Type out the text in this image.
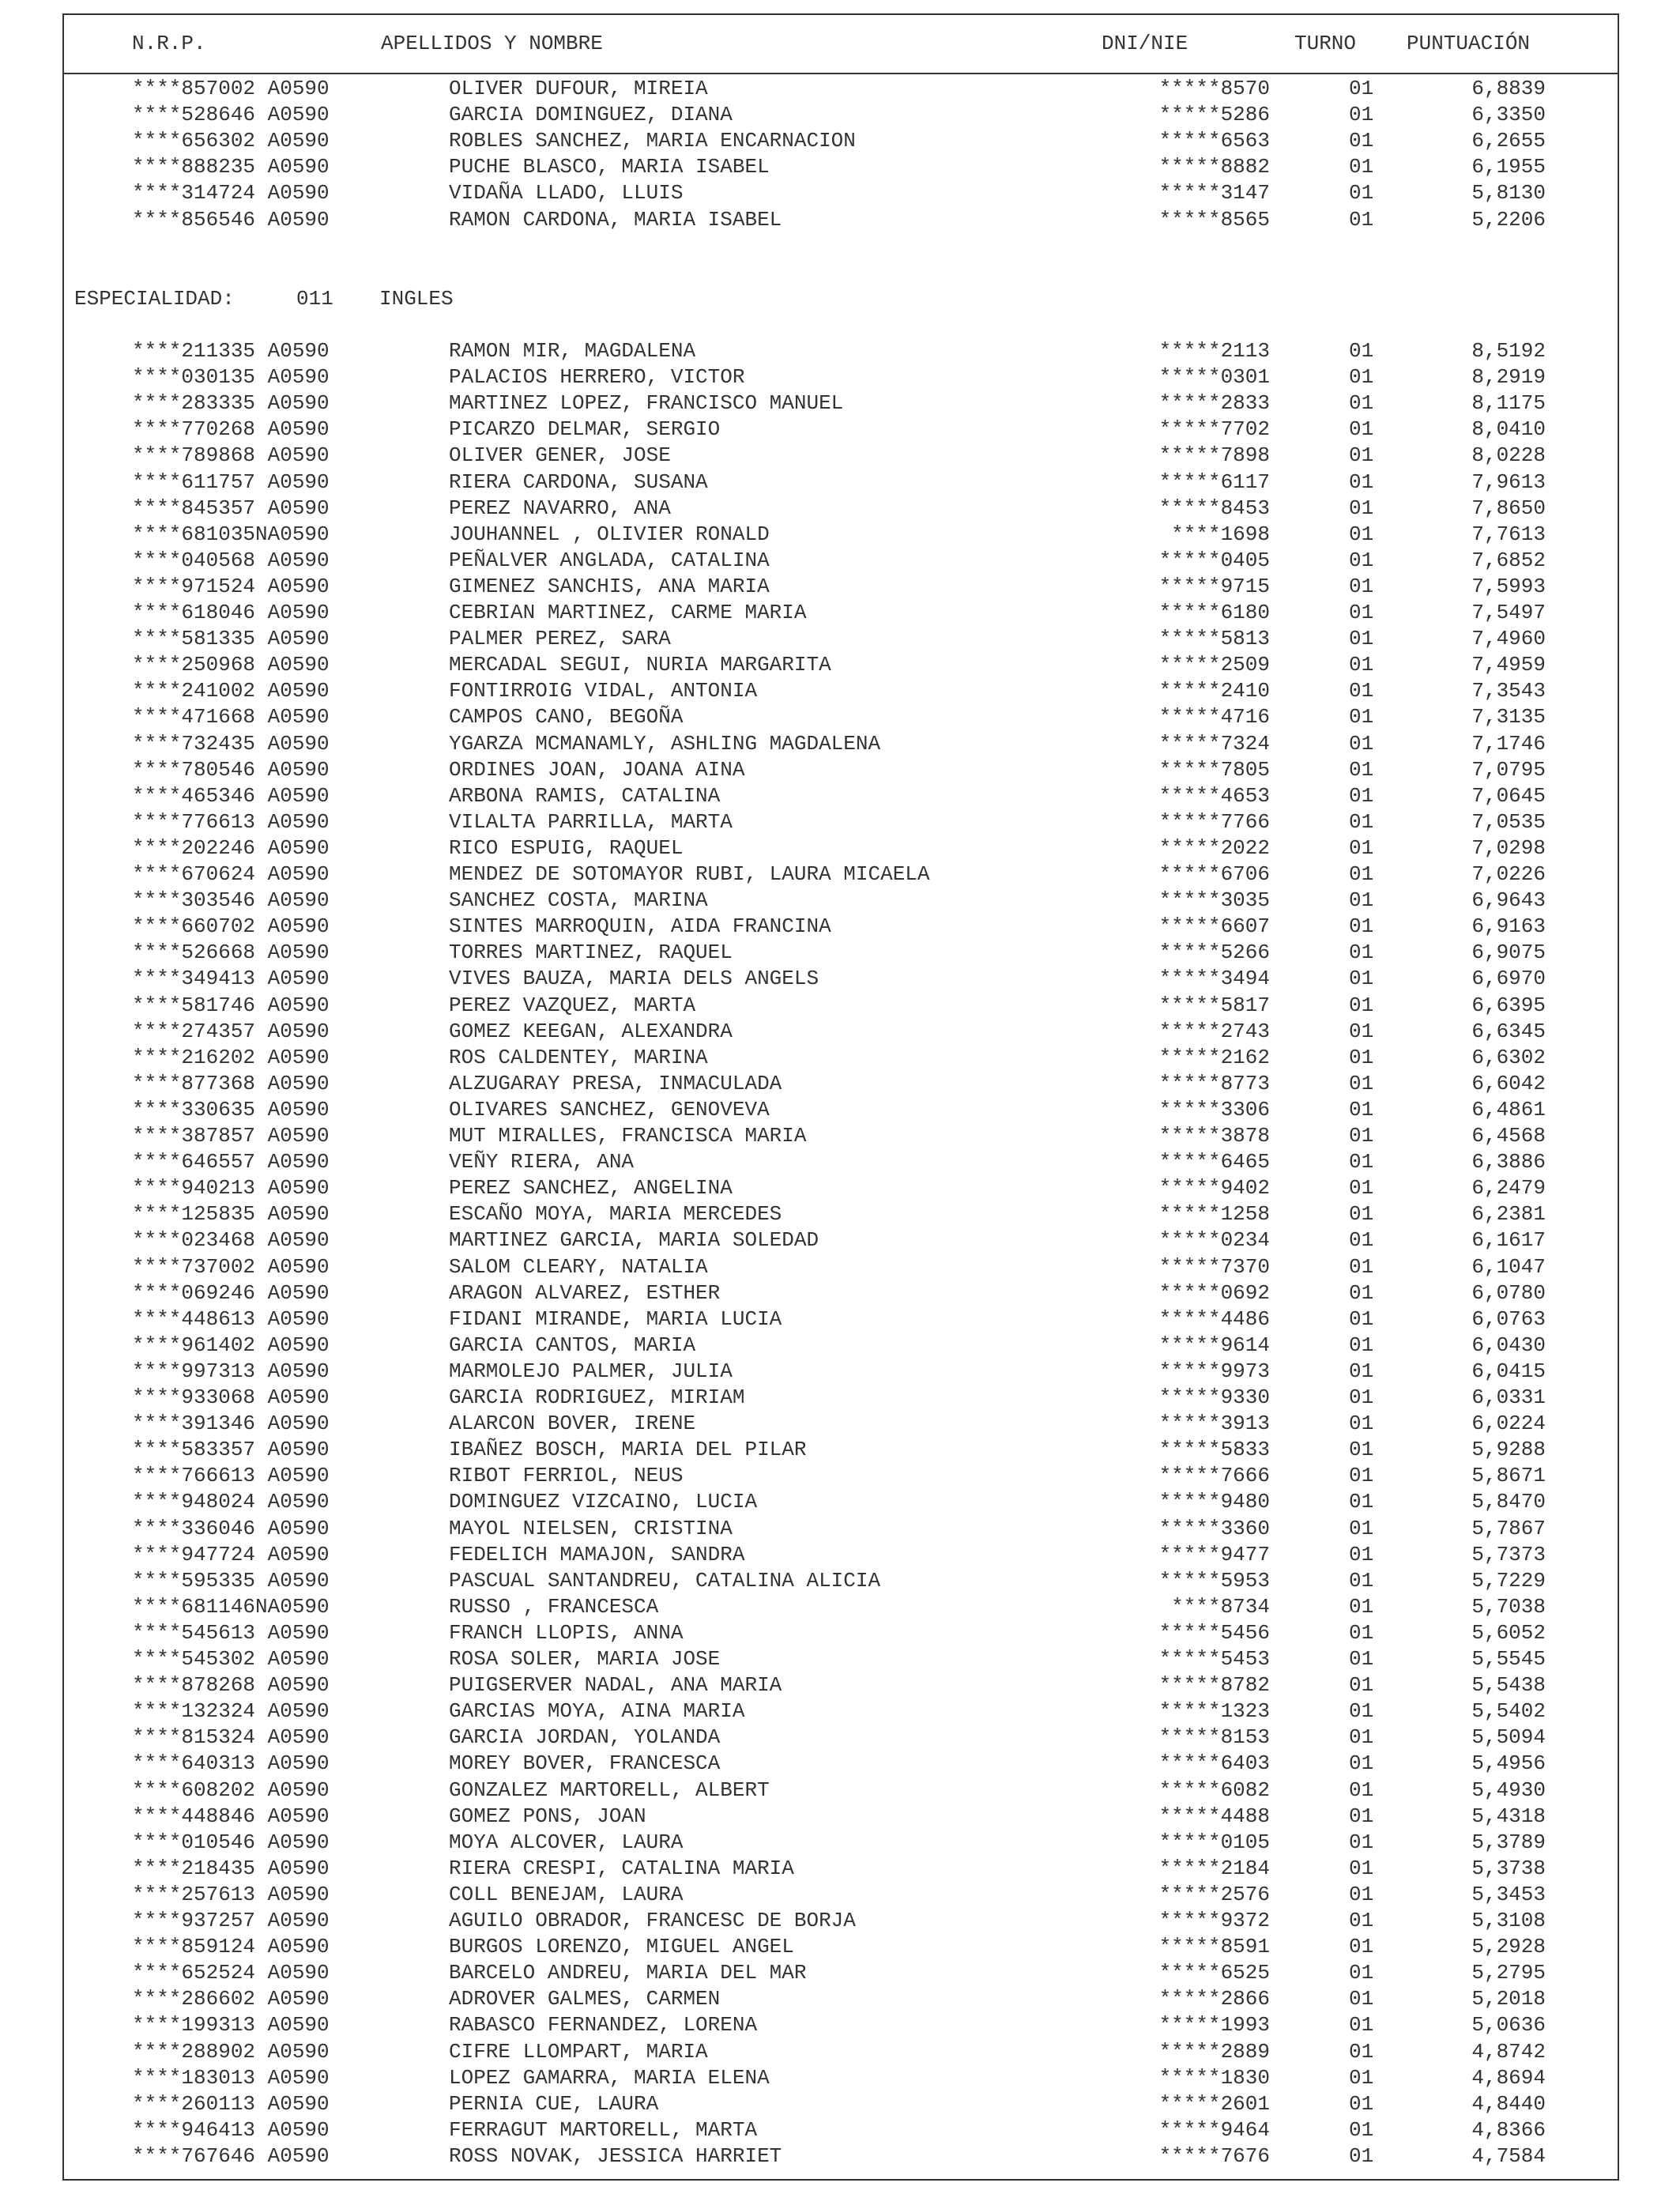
N.R.P.	APELLIDOS Y NOMBRE	DNI/NIE	TURNO PUNTUACIÓN
****857002 A0590	OLIVER DUFOUR, MIREIA	*****8570	01	6,8839
****528646 A0590	GARCIA DOMINGUEZ, DIANA	*****5286	01	6,3350
****656302 A0590	ROBLES SANCHEZ, MARIA ENCARNACION	*****6563	01	6,2655
****888235 A0590	PUCHE BLASCO, MARIA ISABEL	*****8882	01	6,1955
****314724 A0590	VIDAÑA LLADO, LLUIS	*****3147	01	5,8130
****856546 A0590	RAMON CARDONA, MARIA ISABEL	*****8565	01	5,2206
ESPECIALIDAD:	011 INGLES
****211335 A0590	RAMON MIR, MAGDALENA	*****2113	01	8,5192
****030135 A0590	PALACIOS HERRERO, VICTOR	*****0301	01	8,2919
****283335 A0590	MARTINEZ LOPEZ, FRANCISCO MANUEL	*****2833	01	8,1175
****770268 A0590	PICARZO DELMAR, SERGIO	*****7702	01	8,0410
****789868 A0590	OLIVER GENER, JOSE	*****7898	01	8,0228
****611757 A0590	RIERA CARDONA, SUSANA	*****6117	01	7,9613
****845357 A0590	PEREZ NAVARRO, ANA	*****8453	01	7,8650
****681035NA0590	JOUHANNEL , OLIVIER RONALD	****1698	01	7,7613
****040568 A0590	PEÑALVER ANGLADA, CATALINA	*****0405	01	7,6852
****971524 A0590	GIMENEZ SANCHIS, ANA MARIA	*****9715	01	7,5993
****618046 A0590	CEBRIAN MARTINEZ, CARME MARIA	*****6180	01	7,5497
****581335 A0590	PALMER PEREZ, SARA	*****5813	01	7,4960
****250968 A0590	MERCADAL SEGUI, NURIA MARGARITA	*****2509	01	7,4959
****241002 A0590	FONTIRROIG VIDAL, ANTONIA	*****2410	01	7,3543
****471668 A0590	CAMPOS CANO, BEGOÑA	*****4716	01	7,3135
****732435 A0590	YGARZA MCMANAMLY, ASHLING MAGDALENA	*****7324	01	7,1746
****780546 A0590	ORDINES JOAN, JOANA AINA	*****7805	01	7,0795
****465346 A0590	ARBONA RAMIS, CATALINA	*****4653	01	7,0645
****776613 A0590	VILALTA PARRILLA, MARTA	*****7766	01	7,0535
****202246 A0590	RICO ESPUIG, RAQUEL	*****2022	01	7,0298
****670624 A0590	MENDEZ DE SOTOMAYOR RUBI, LAURA MICAELA	*****6706	01	7,0226
****303546 A0590	SANCHEZ COSTA, MARINA	*****3035	01	6,9643
****660702 A0590	SINTES MARROQUIN, AIDA FRANCINA	*****6607	01	6,9163
****526668 A0590	TORRES MARTINEZ, RAQUEL	*****5266	01	6,9075
****349413 A0590	VIVES BAUZA, MARIA DELS ANGELS	*****3494	01	6,6970
****581746 A0590	PEREZ VAZQUEZ, MARTA	*****5817	01	6,6395
****274357 A0590	GOMEZ KEEGAN, ALEXANDRA	*****2743	01	6,6345
****216202 A0590	ROS CALDENTEY, MARINA	*****2162	01	6,6302
****877368 A0590	ALZUGARAY PRESA, INMACULADA	*****8773	01	6,6042
****330635 A0590	OLIVARES SANCHEZ, GENOVEVA	*****3306	01	6,4861
****387857 A0590	MUT MIRALLES, FRANCISCA MARIA	*****3878	01	6,4568
****646557 A0590	VEÑY RIERA, ANA	*****6465	01	6,3886
****940213 A0590	PEREZ SANCHEZ, ANGELINA	*****9402	01	6,2479
****125835 A0590	ESCAÑO MOYA, MARIA MERCEDES	*****1258	01	6,2381
****023468 A0590	MARTINEZ GARCIA, MARIA SOLEDAD	*****0234	01	6,1617
****737002 A0590	SALOM CLEARY, NATALIA	*****7370	01	6,1047
****069246 A0590	ARAGON ALVAREZ, ESTHER	*****0692	01	6,0780
****448613 A0590	FIDANI MIRANDE, MARIA LUCIA	*****4486	01	6,0763
****961402 A0590	GARCIA CANTOS, MARIA	*****9614	01	6,0430
****997313 A0590	MARMOLEJO PALMER, JULIA	*****9973	01	6,0415
****933068 A0590	GARCIA RODRIGUEZ, MIRIAM	*****9330	01	6,0331
****391346 A0590	ALARCON BOVER, IRENE	*****3913	01	6,0224
****583357 A0590	IBAÑEZ BOSCH, MARIA DEL PILAR	*****5833	01	5,9288
****766613 A0590	RIBOT FERRIOL, NEUS	*****7666	01	5,8671
****948024 A0590	DOMINGUEZ VIZCAINO, LUCIA	*****9480	01	5,8470
****336046 A0590	MAYOL NIELSEN, CRISTINA	*****3360	01	5,7867
****947724 A0590	FEDELICH MAMAJON, SANDRA	*****9477	01	5,7373
****595335 A0590	PASCUAL SANTANDREU, CATALINA ALICIA	*****5953	01	5,7229
****681146NA0590	RUSSO , FRANCESCA	****8734	01	5,7038
****545613 A0590	FRANCH LLOPIS, ANNA	*****5456	01	5,6052
****545302 A0590	ROSA SOLER, MARIA JOSE	*****5453	01	5,5545
****878268 A0590	PUIGSERVER NADAL, ANA MARIA	*****8782	01	5,5438
****132324 A0590	GARCIAS MOYA, AINA MARIA	*****1323	01	5,5402
****815324 A0590	GARCIA JORDAN, YOLANDA	*****8153	01	5,5094
****640313 A0590	MOREY BOVER, FRANCESCA	*****6403	01	5,4956
****608202 A0590	GONZALEZ MARTORELL, ALBERT	*****6082	01	5,4930
****448846 A0590	GOMEZ PONS, JOAN	*****4488	01	5,4318
****010546 A0590	MOYA ALCOVER, LAURA	*****0105	01	5,3789
****218435 A0590	RIERA CRESPI, CATALINA MARIA	*****2184	01	5,3738
****257613 A0590	COLL BENEJAM, LAURA	*****2576	01	5,3453
****937257 A0590	AGUILO OBRADOR, FRANCESC DE BORJA	*****9372	01	5,3108
****859124 A0590	BURGOS LORENZO, MIGUEL ANGEL	*****8591	01	5,2928
****652524 A0590	BARCELO ANDREU, MARIA DEL MAR	*****6525	01	5,2795
****286602 A0590	ADROVER GALMES, CARMEN	*****2866	01	5,2018
****199313 A0590	RABASCO FERNANDEZ, LORENA	*****1993	01	5,0636
****288902 A0590	CIFRE LLOMPART, MARIA	*****2889	01	4,8742
****183013 A0590	LOPEZ GAMARRA, MARIA ELENA	*****1830	01	4,8694
****260113 A0590	PERNIA CUE, LAURA	*****2601	01	4,8440
****946413 A0590	FERRAGUT MARTORELL, MARTA	*****9464	01	4,8366
****767646 A0590	ROSS NOVAK, JESSICA HARRIET	*****7676	01	4,7584
